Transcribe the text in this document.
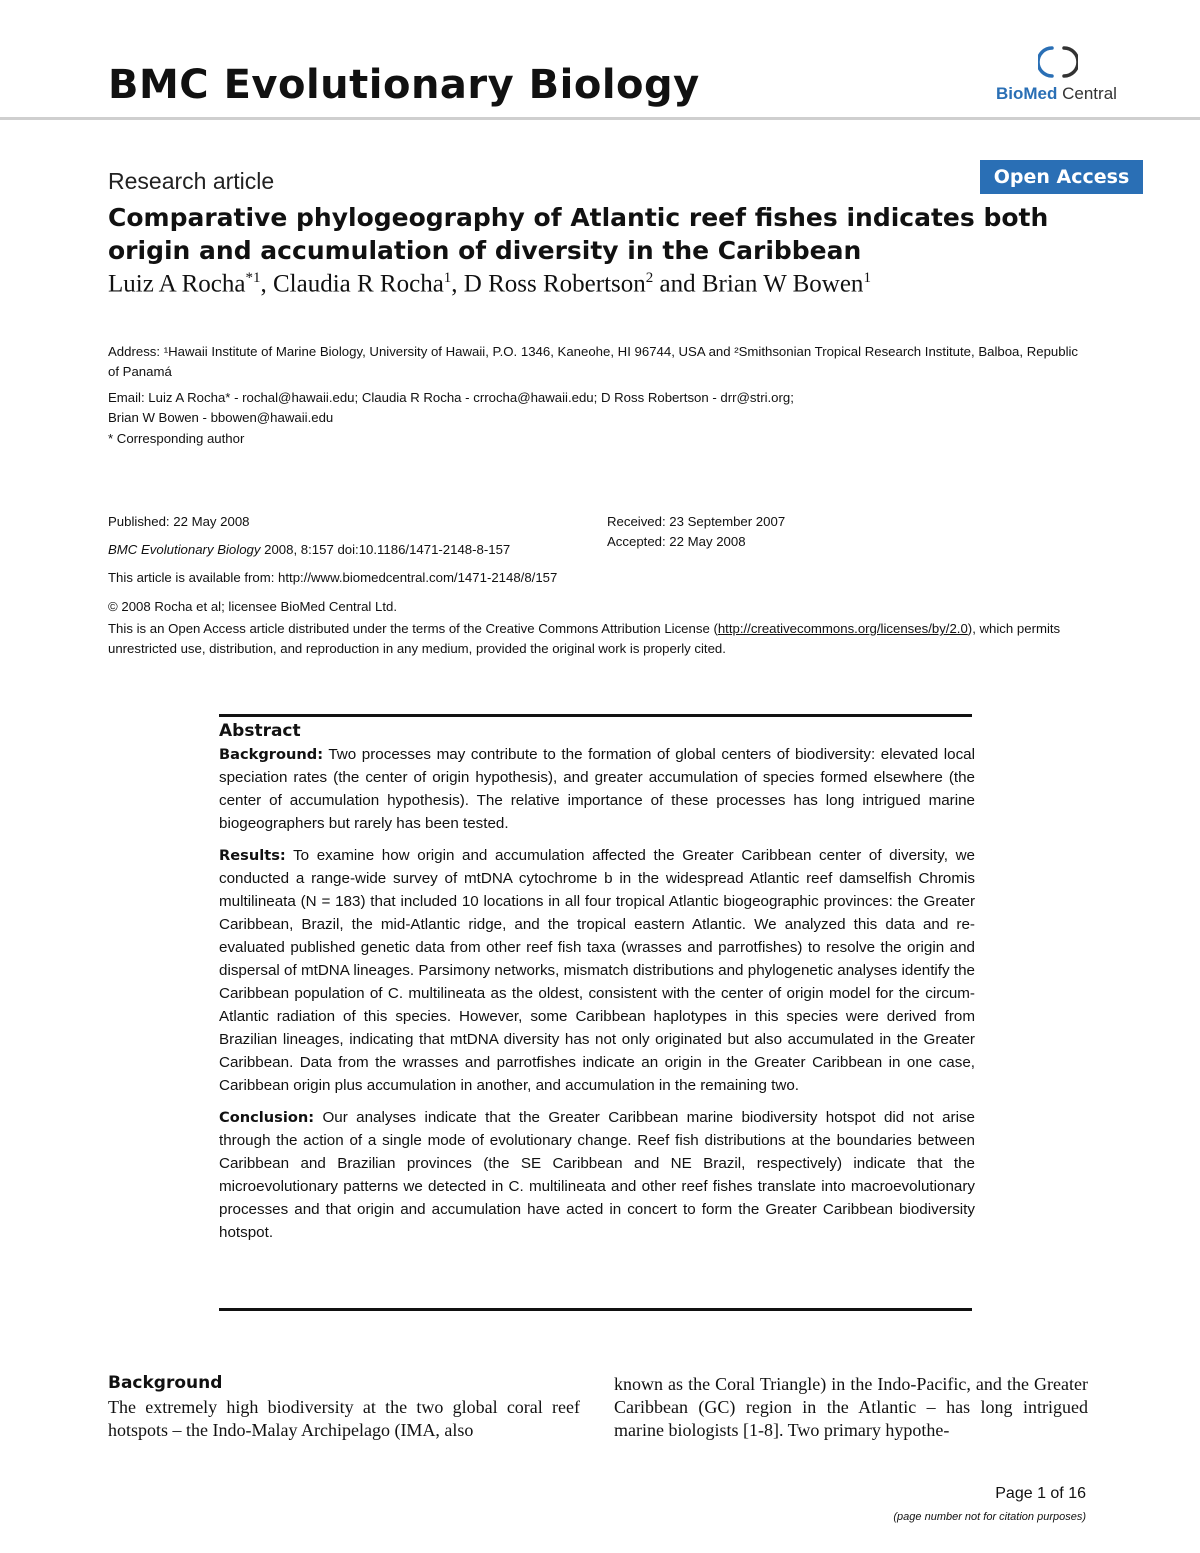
BMC Evolutionary Biology	BioMed Central
Research article	Open Access
Comparative phylogeography of Atlantic reef fishes indicates both origin and accumulation of diversity in the Caribbean
Luiz A Rocha$^{*1}$, Claudia R Rocha$^1$, D Ross Robertson$^2$ and Brian W Bowen$^1$
Address: ¹Hawaii Institute of Marine Biology, University of Hawaii, P.O. 1346, Kaneohe, HI 96744, USA and ²Smithsonian Tropical Research Institute, Balboa, Republic of Panamá
Email: Luiz A Rocha* - rochal@hawaii.edu; Claudia R Rocha - crrocha@hawaii.edu; D Ross Robertson - drr@stri.org;
Brian W Bowen - bbowen@hawaii.edu
* Corresponding author
Published: 22 May 2008
BMC Evolutionary Biology 2008, 8:157 doi:10.1186/1471-2148-8-157
This article is available from: http://www.biomedcentral.com/1471-2148/8/157
Received: 23 September 2007
Accepted: 22 May 2008
© 2008 Rocha et al; licensee BioMed Central Ltd.
This is an Open Access article distributed under the terms of the Creative Commons Attribution License (http://creativecommons.org/licenses/by/2.0), which permits unrestricted use, distribution, and reproduction in any medium, provided the original work is properly cited.
Abstract

Background: Two processes may contribute to the formation of global centers of biodiversity: elevated local speciation rates (the center of origin hypothesis), and greater accumulation of species formed elsewhere (the center of accumulation hypothesis). The relative importance of these processes has long intrigued marine biogeographers but rarely has been tested.

Results: To examine how origin and accumulation affected the Greater Caribbean center of diversity, we conducted a range-wide survey of mtDNA cytochrome b in the widespread Atlantic reef damselfish Chromis multilineata (N = 183) that included 10 locations in all four tropical Atlantic biogeographic provinces: the Greater Caribbean, Brazil, the mid-Atlantic ridge, and the tropical eastern Atlantic. We analyzed this data and re-evaluated published genetic data from other reef fish taxa (wrasses and parrotfishes) to resolve the origin and dispersal of mtDNA lineages. Parsimony networks, mismatch distributions and phylogenetic analyses identify the Caribbean population of C. multilineata as the oldest, consistent with the center of origin model for the circum-Atlantic radiation of this species. However, some Caribbean haplotypes in this species were derived from Brazilian lineages, indicating that mtDNA diversity has not only originated but also accumulated in the Greater Caribbean. Data from the wrasses and parrotfishes indicate an origin in the Greater Caribbean in one case, Caribbean origin plus accumulation in another, and accumulation in the remaining two.

Conclusion: Our analyses indicate that the Greater Caribbean marine biodiversity hotspot did not arise through the action of a single mode of evolutionary change. Reef fish distributions at the boundaries between Caribbean and Brazilian provinces (the SE Caribbean and NE Brazil, respectively) indicate that the microevolutionary patterns we detected in C. multilineata and other reef fishes translate into macroevolutionary processes and that origin and accumulation have acted in concert to form the Greater Caribbean biodiversity hotspot.

Background
The extremely high biodiversity at the two global coral reef hotspots – the Indo-Malay Archipelago (IMA, also
known as the Coral Triangle) in the Indo-Pacific, and the Greater Caribbean (GC) region in the Atlantic – has long intrigued marine biologists [1-8]. Two primary hypothe-
Page 1 of 16
(page number not for citation purposes)
